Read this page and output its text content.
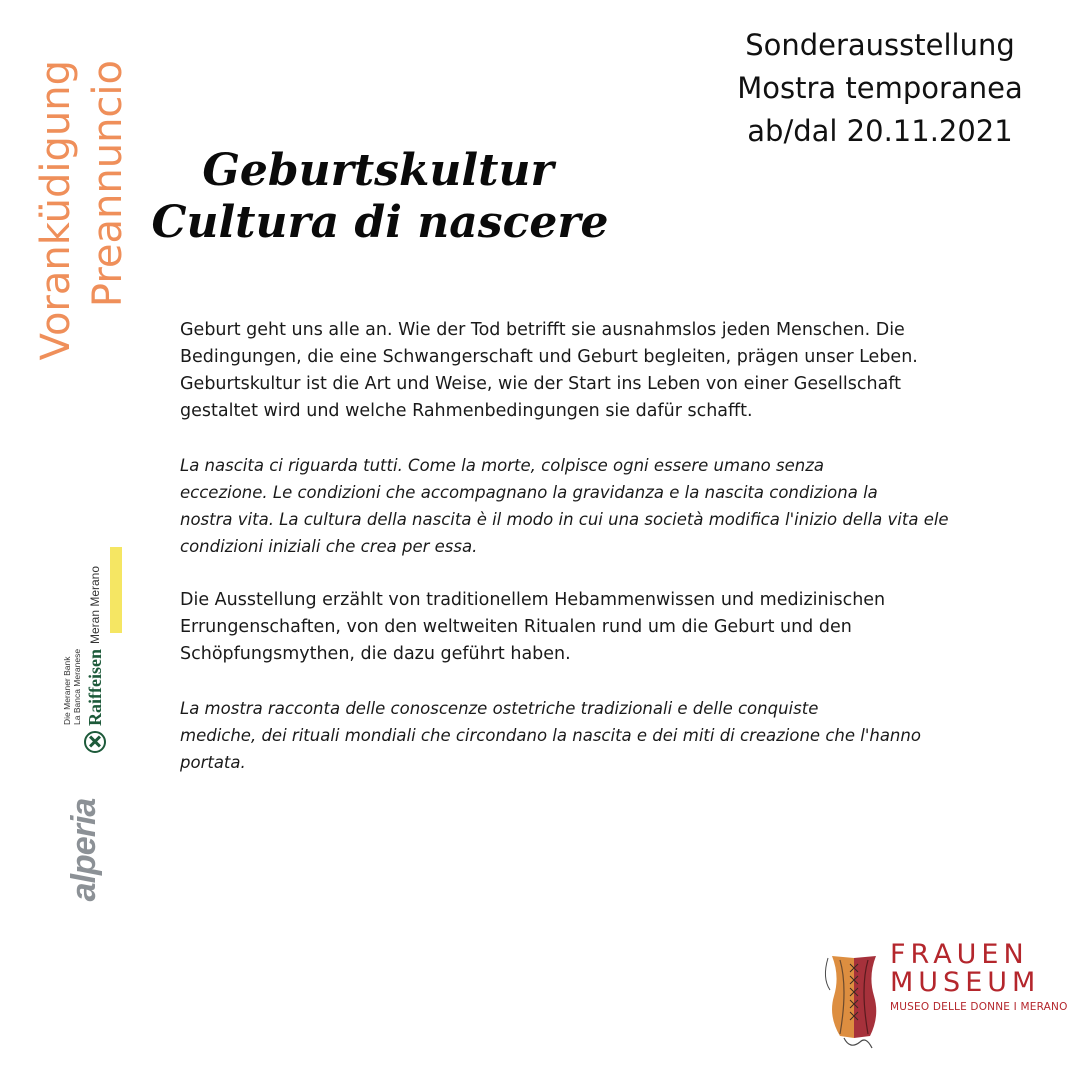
Voranküdigung Preannuncio
Sonderausstellung
Mostra temporanea
ab/dal 20.11.2021
Geburtskultur
Cultura di nascere

Geburt geht uns alle an. Wie der Tod betrifft sie ausnahmslos jeden Menschen. Die
Bedingungen, die eine Schwangerschaft und Geburt begleiten, prägen unser Leben.
Geburtskultur ist die Art und Weise, wie der Start ins Leben von einer Gesellschaft
gestaltet wird und welche Rahmenbedingungen sie dafür schafft.

La nascita ci riguarda tutti. Come la morte, colpisce ogni essere umano senza
eccezione. Le condizioni che accompagnano la gravidanza e la nascita condiziona la
nostra vita. La cultura della nascita è il modo in cui una società modifica l'inizio della vita ele
condizioni iniziali che crea per essa.

Die Ausstellung erzählt von traditionellem Hebammenwissen und medizinischen
Errungenschaften, von den weltweiten Ritualen rund um die Geburt und den
Schöpfungsmythen, die dazu geführt haben.

La mostra racconta delle conoscenze ostetriche tradizionali e delle conquiste
mediche, dei rituali mondiali che circondano la nascita e dei miti di creazione che l'hanno
portata.

Die Meraner Bank La Banca Meranese Raiffeisen
Meran Merano
alperia
FRAUEN
MUSEUM
MUSEO DELLE DONNE I MERANO
